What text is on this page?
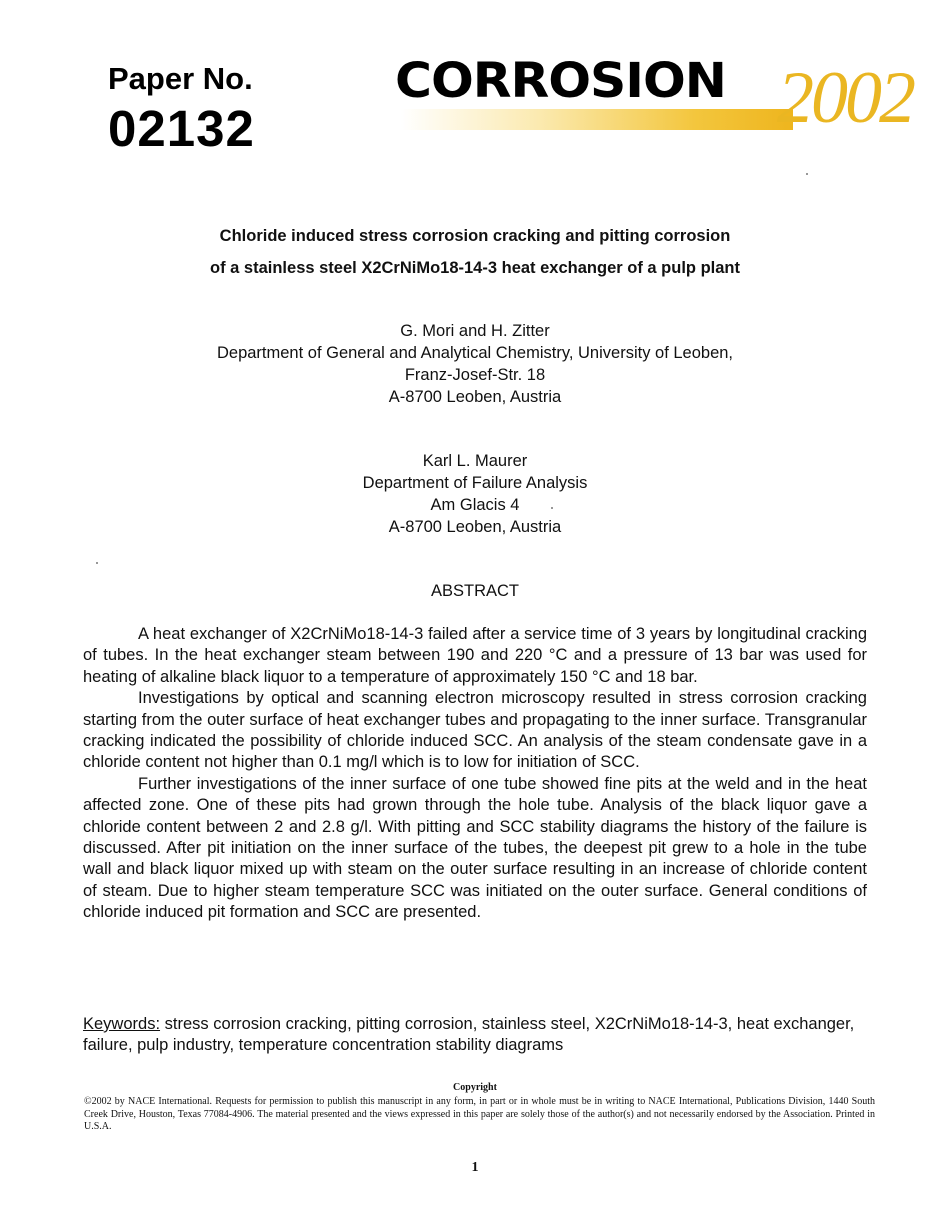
Paper No.
02132
CORROSION 2002
Chloride induced stress corrosion cracking and pitting corrosion
of a stainless steel X2CrNiMo18-14-3 heat exchanger of a pulp plant
G. Mori and H. Zitter
Department of General and Analytical Chemistry, University of Leoben,
Franz-Josef-Str. 18
A-8700 Leoben, Austria
Karl L. Maurer
Department of Failure Analysis
Am Glacis 4
A-8700 Leoben, Austria
ABSTRACT

A heat exchanger of X2CrNiMo18-14-3 failed after a service time of 3 years by longitudinal cracking of tubes. In the heat exchanger steam between 190 and 220 °C and a pressure of 13 bar was used for heating of alkaline black liquor to a temperature of approximately 150 °C and 18 bar.

Investigations by optical and scanning electron microscopy resulted in stress corrosion cracking starting from the outer surface of heat exchanger tubes and propagating to the inner surface. Transgranular cracking indicated the possibility of chloride induced SCC. An analysis of the steam condensate gave in a chloride content not higher than 0.1 mg/l which is to low for initiation of SCC.

Further investigations of the inner surface of one tube showed fine pits at the weld and in the heat affected zone. One of these pits had grown through the hole tube. Analysis of the black liquor gave a chloride content between 2 and 2.8 g/l. With pitting and SCC stability diagrams the history of the failure is discussed. After pit initiation on the inner surface of the tubes, the deepest pit grew to a hole in the tube wall and black liquor mixed up with steam on the outer surface resulting in an increase of chloride content of steam. Due to higher steam temperature SCC was initiated on the outer surface. General conditions of chloride induced pit formation and SCC are presented.

Keywords: stress corrosion cracking, pitting corrosion, stainless steel, X2CrNiMo18-14-3, heat exchanger, failure, pulp industry, temperature concentration stability diagrams
Copyright
©2002 by NACE International. Requests for permission to publish this manuscript in any form, in part or in whole must be in writing to NACE International, Publications Division, 1440 South Creek Drive, Houston, Texas 77084-4906. The material presented and the views expressed in this paper are solely those of the author(s) and not necessarily endorsed by the Association. Printed in U.S.A.
1
